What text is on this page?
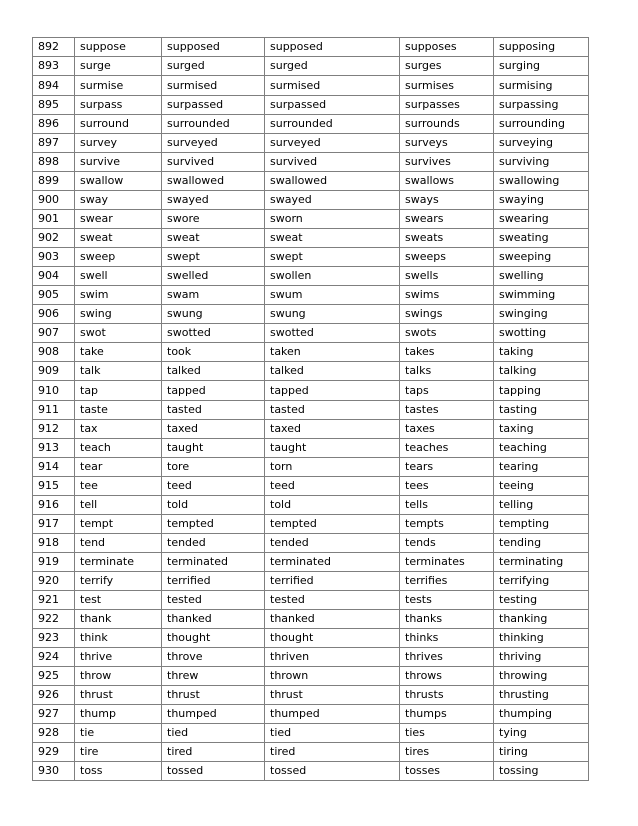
892	suppose	supposed	supposed	supposes	supposing
893	surge	surged	surged	surges	surging
894	surmise	surmised	surmised	surmises	surmising
895	surpass	surpassed	surpassed	surpasses	surpassing
896	surround	surrounded	surrounded	surrounds	surrounding
897	survey	surveyed	surveyed	surveys	surveying
898	survive	survived	survived	survives	surviving
899	swallow	swallowed	swallowed	swallows	swallowing
900	sway	swayed	swayed	sways	swaying
901	swear	swore	sworn	swears	swearing
902	sweat	sweat	sweat	sweats	sweating
903	sweep	swept	swept	sweeps	sweeping
904	swell	swelled	swollen	swells	swelling
905	swim	swam	swum	swims	swimming
906	swing	swung	swung	swings	swinging
907	swot	swotted	swotted	swots	swotting
908	take	took	taken	takes	taking
909	talk	talked	talked	talks	talking
910	tap	tapped	tapped	taps	tapping
911	taste	tasted	tasted	tastes	tasting
912	tax	taxed	taxed	taxes	taxing
913	teach	taught	taught	teaches	teaching
914	tear	tore	torn	tears	tearing
915	tee	teed	teed	tees	teeing
916	tell	told	told	tells	telling
917	tempt	tempted	tempted	tempts	tempting
918	tend	tended	tended	tends	tending
919	terminate	terminated	terminated	terminates	terminating
920	terrify	terrified	terrified	terrifies	terrifying
921	test	tested	tested	tests	testing
922	thank	thanked	thanked	thanks	thanking
923	think	thought	thought	thinks	thinking
924	thrive	throve	thriven	thrives	thriving
925	throw	threw	thrown	throws	throwing
926	thrust	thrust	thrust	thrusts	thrusting
927	thump	thumped	thumped	thumps	thumping
928	tie	tied	tied	ties	tying
929	tire	tired	tired	tires	tiring
930	toss	tossed	tossed	tosses	tossing
